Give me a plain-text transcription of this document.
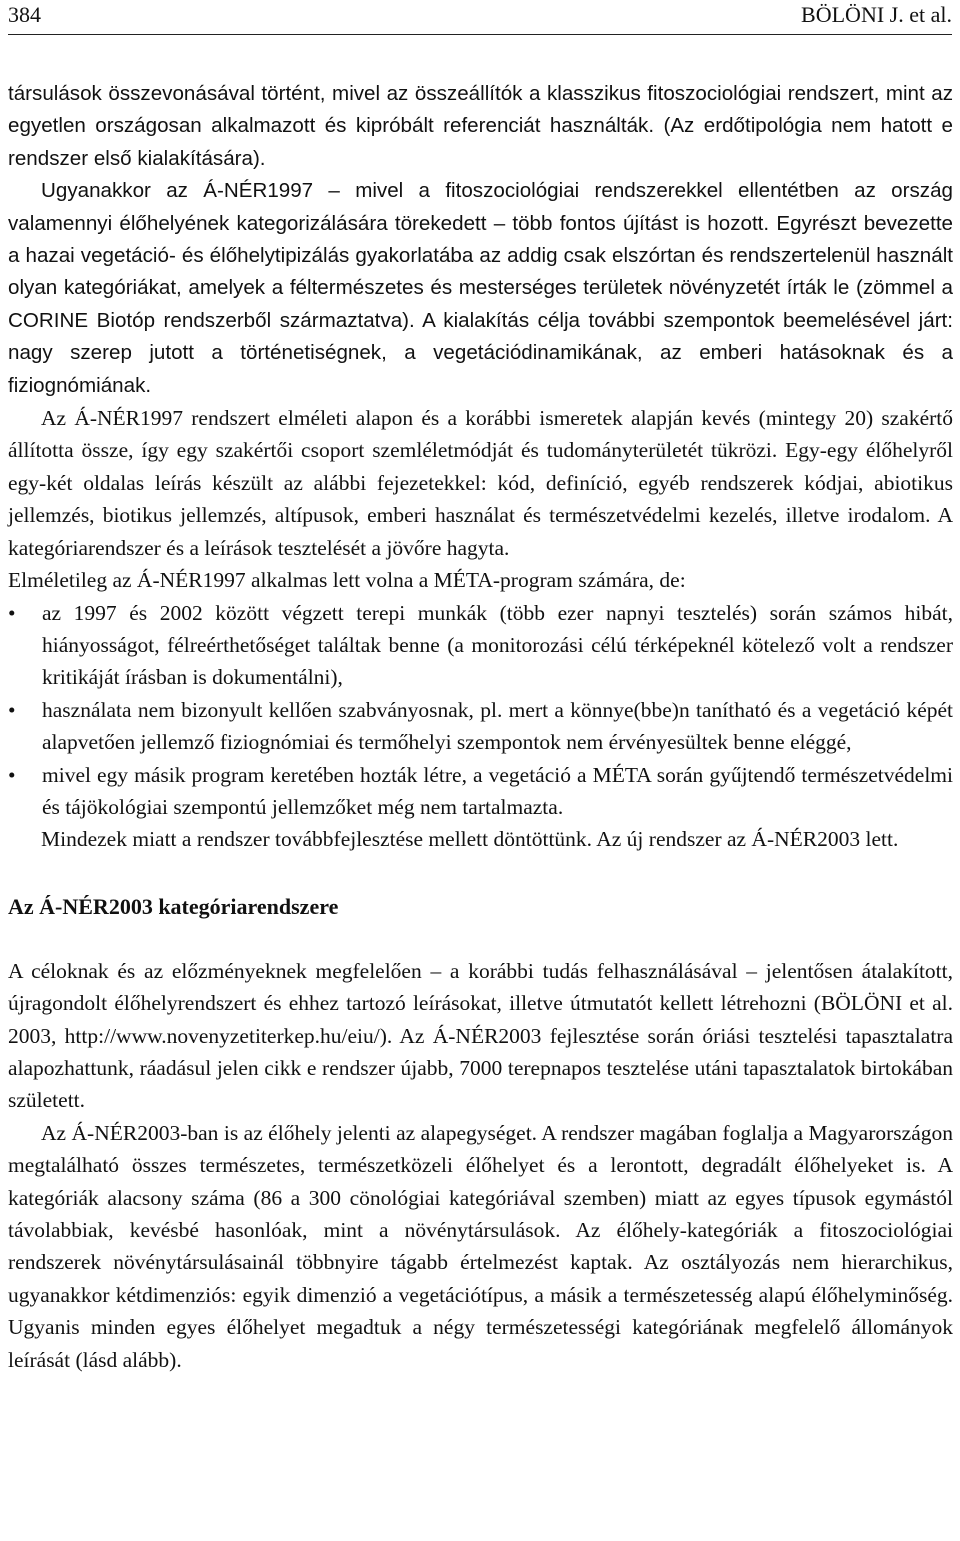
384	BÖLÖNI J. et al.

társulások összevonásával történt, mivel az összeállítók a klasszikus fitoszociológiai rendszert, mint az egyetlen országosan alkalmazott és kipróbált referenciát használták. (Az erdőtipológia nem hatott e rendszer első kialakítására).

Ugyanakkor az Á-NÉR1997 – mivel a fitoszociológiai rendszerekkel ellentétben az ország valamennyi élőhelyének kategorizálására törekedett – több fontos újítást is hozott. Egyrészt bevezette a hazai vegetáció- és élőhelytipizálás gyakorlatába az addig csak elszórtan és rendszertelenül használt olyan kategóriákat, amelyek a féltermészetes és mesterséges területek növényzetét írták le (zömmel a CORINE Biotóp rendszerből származtatva). A kialakítás célja további szempontok beemelésével járt: nagy szerep jutott a történetiségnek, a vegetációdinamikának, az emberi hatásoknak és a fiziognómiának.

Az Á-NÉR1997 rendszert elméleti alapon és a korábbi ismeretek alapján kevés (mintegy 20) szakértő állította össze, így egy szakértői csoport szemléletmódját és tudományterületét tükrözi. Egy-egy élőhelyről egy-két oldalas leírás készült az alábbi fejezetekkel: kód, definíció, egyéb rendszerek kódjai, abiotikus jellemzés, biotikus jellemzés, altípusok, emberi használat és természetvédelmi kezelés, illetve irodalom. A kategóriarendszer és a leírások tesztelését a jövőre hagyta.

Elméletileg az Á-NÉR1997 alkalmas lett volna a MÉTA-program számára, de:

• az 1997 és 2002 között végzett terepi munkák (több ezer napnyi tesztelés) során számos hibát, hiányosságot, félreérthetőséget találtak benne (a monitorozási célú térképeknél kötelező volt a rendszer kritikáját írásban is dokumentálni),
• használata nem bizonyult kellően szabványosnak, pl. mert a könnye(bbe)n tanítható és a vegetáció képét alapvetően jellemző fiziognómiai és termőhelyi szempontok nem érvényesültek benne eléggé,
• mivel egy másik program keretében hozták létre, a vegetáció a MÉTA során gyűjtendő természetvédelmi és tájökológiai szempontú jellemzőket még nem tartalmazta.

Mindezek miatt a rendszer továbbfejlesztése mellett döntöttünk. Az új rendszer az Á-NÉR2003 lett.

Az Á-NÉR2003 kategóriarendszere

A céloknak és az előzményeknek megfelelően – a korábbi tudás felhasználásával – jelentősen átalakított, újragondolt élőhelyrendszert és ehhez tartozó leírásokat, illetve útmutatót kellett létrehozni (BÖLÖNI et al. 2003, http://www.novenyzetiterkep.hu/eiu/). Az Á-NÉR2003 fejlesztése során óriási tesztelési tapasztalatra alapozhattunk, ráadásul jelen cikk e rendszer újabb, 7000 terepnapos tesztelése utáni tapasztalatok birtokában született.

Az Á-NÉR2003-ban is az élőhely jelenti az alapegységet. A rendszer magában foglalja a Magyarországon megtalálható összes természetes, természetközeli élőhelyet és a lerontott, degradált élőhelyeket is. A kategóriák alacsony száma (86 a 300 cönológiai kategóriával szemben) miatt az egyes típusok egymástól távolabbiak, kevésbé hasonlóak, mint a növénytársulások. Az élőhely-kategóriák a fitoszociológiai rendszerek növénytársulásainál többnyire tágabb értelmezést kaptak. Az osztályozás nem hierarchikus, ugyanakkor kétdimenziós: egyik dimenzió a vegetációtípus, a másik a természetesség alapú élőhelyminőség. Ugyanis minden egyes élőhelyet megadtuk a négy természetességi kategóriának megfelelő állományok leírását (lásd alább).
